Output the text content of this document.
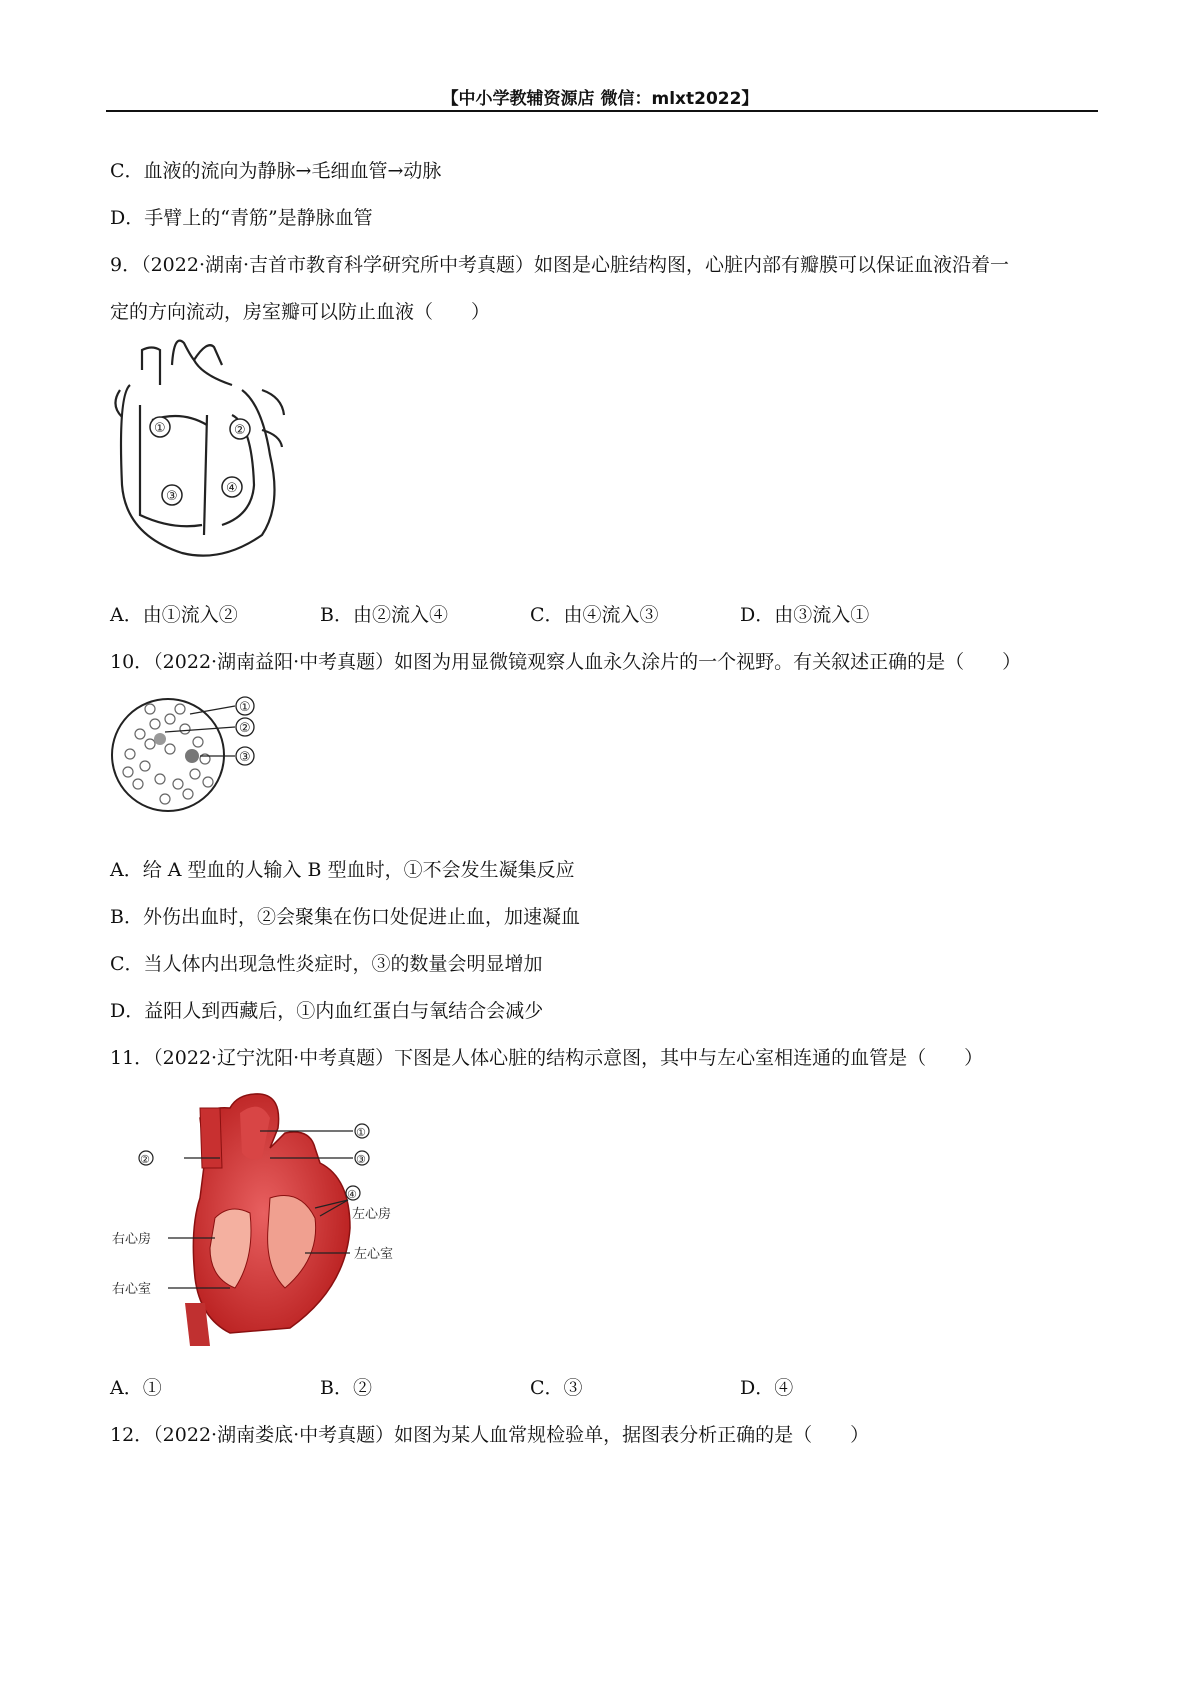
【中小学教辅资源店 微信：mlxt2022】
C．血液的流向为静脉→毛细血管→动脉
D．手臂上的“青筋”是静脉血管
9．（2022·湖南·吉首市教育科学研究所中考真题）如图是心脏结构图，心脏内部有瓣膜可以保证血液沿着一
定的方向流动，房室瓣可以防止血液（　　）
①	②
③
④
A．由①流入②	B．由②流入④	C．由④流入③	D．由③流入①
10．（2022·湖南益阳·中考真题）如图为用显微镜观察人血永久涂片的一个视野。有关叙述正确的是（　　）
①
②
③
A．给 A 型血的人输入 B 型血时，①不会发生凝集反应
B．外伤出血时，②会聚集在伤口处促进止血，加速凝血
C．当人体内出现急性炎症时，③的数量会明显增加
D．益阳人到西藏后，①内血红蛋白与氧结合会减少
11．（2022·辽宁沈阳·中考真题）下图是人体心脏的结构示意图，其中与左心室相连通的血管是（　　）
①
③
②
④
左心房
左心室
右心房
右心室
A．①	B．②	C．③	D．④
12．（2022·湖南娄底·中考真题）如图为某人血常规检验单，据图表分析正确的是（　　）
